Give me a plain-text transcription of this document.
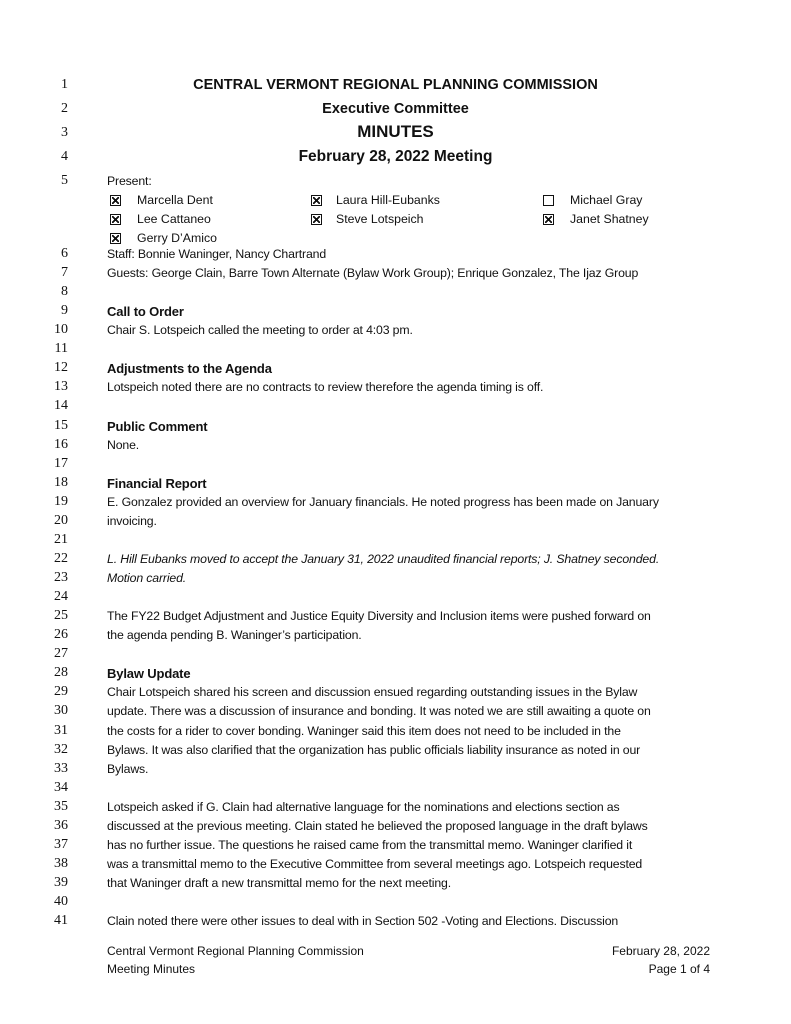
1	CENTRAL VERMONT REGIONAL PLANNING COMMISSION
2	Executive Committee
3	MINUTES
4	February 28, 2022 Meeting
5	Present:
Marcella Dent	Laura Hill-Eubanks	Michael Gray
Lee Cattaneo	Steve Lotspeich	Janet Shatney
Gerry D’Amico
6	Staff: Bonnie Waninger, Nancy Chartrand
7	Guests: George Clain, Barre Town Alternate (Bylaw Work Group); Enrique Gonzalez, The Ijaz Group
8
9	Call to Order
10	Chair S. Lotspeich called the meeting to order at 4:03 pm.
11
12	Adjustments to the Agenda
13	Lotspeich noted there are no contracts to review therefore the agenda timing is off.
14
15	Public Comment
16	None.
17
18	Financial Report
19	E. Gonzalez provided an overview for January financials. He noted progress has been made on January
20	invoicing.
21
22	L. Hill Eubanks moved to accept the January 31, 2022 unaudited financial reports; J. Shatney seconded.
23	Motion carried.
24
25	The FY22 Budget Adjustment and Justice Equity Diversity and Inclusion items were pushed forward on
26	the agenda pending B. Waninger’s participation.
27
28	Bylaw Update
29	Chair Lotspeich shared his screen and discussion ensued regarding outstanding issues in the Bylaw
30	update. There was a discussion of insurance and bonding. It was noted we are still awaiting a quote on
31	the costs for a rider to cover bonding. Waninger said this item does not need to be included in the
32	Bylaws. It was also clarified that the organization has public officials liability insurance as noted in our
33	Bylaws.
34
35	Lotspeich asked if G. Clain had alternative language for the nominations and elections section as
36	discussed at the previous meeting. Clain stated he believed the proposed language in the draft bylaws
37	has no further issue. The questions he raised came from the transmittal memo. Waninger clarified it
38	was a transmittal memo to the Executive Committee from several meetings ago. Lotspeich requested
39	that Waninger draft a new transmittal memo for the next meeting.
40
41	Clain noted there were other issues to deal with in Section 502 -Voting and Elections. Discussion
Central Vermont Regional Planning Commission
Meeting Minutes
February 28, 2022
Page 1 of 4
